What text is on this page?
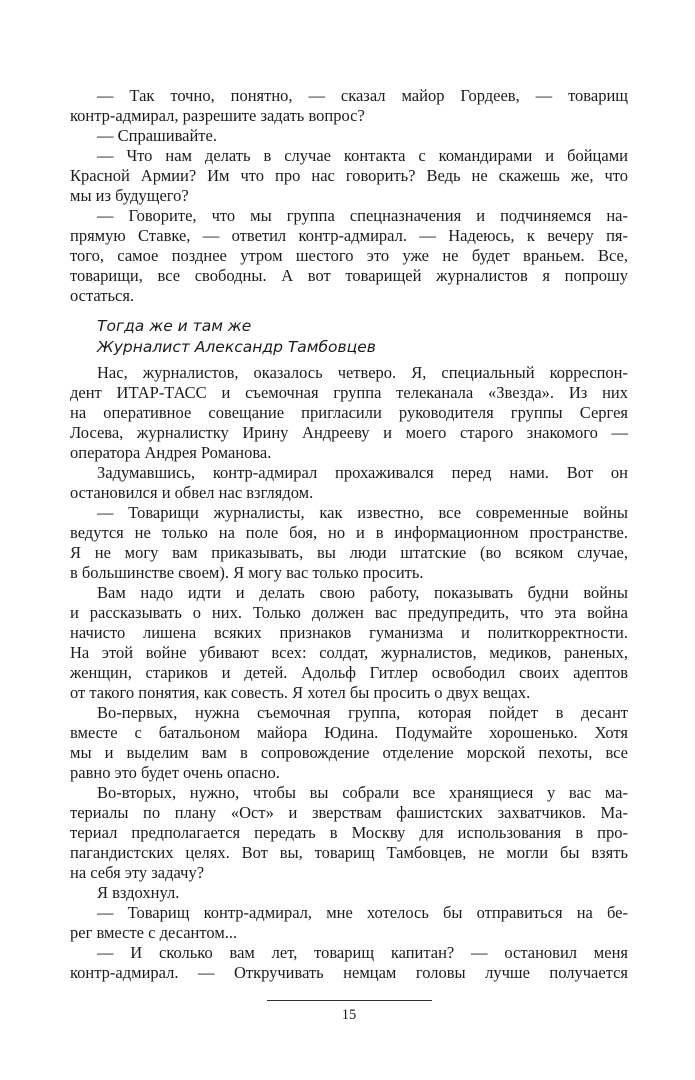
— Так точно, понятно, — сказал майор Гордеев, — товарищ
контр-адмирал, разрешите задать вопрос?
— Спрашивайте.
— Что нам делать в случае контакта с командирами и бойцами
Красной Армии? Им что про нас говорить? Ведь не скажешь же, что
мы из будущего?
— Говорите, что мы группа спецназначения и подчиняемся на-
прямую Ставке, — ответил контр-адмирал. — Надеюсь, к вечеру пя-
того, самое позднее утром шестого это уже не будет враньем. Все,
товарищи, все свободны. А вот товарищей журналистов я попрошу
остаться.
Тогда же и там же
Журналист Александр Тамбовцев
Нас, журналистов, оказалось четверо. Я, специальный корреспон-
дент ИТАР-ТАСС и съемочная группа телеканала «Звезда». Из них
на оперативное совещание пригласили руководителя группы Сергея
Лосева, журналистку Ирину Андрееву и моего старого знакомого —
оператора Андрея Романова.
Задумавшись, контр-адмирал прохаживался перед нами. Вот он
остановился и обвел нас взглядом.
— Товарищи журналисты, как известно, все современные войны
ведутся не только на поле боя, но и в информационном пространстве.
Я не могу вам приказывать, вы люди штатские (во всяком случае,
в большинстве своем). Я могу вас только просить.
Вам надо идти и делать свою работу, показывать будни войны
и рассказывать о них. Только должен вас предупредить, что эта война
начисто лишена всяких признаков гуманизма и политкорректности.
На этой войне убивают всех: солдат, журналистов, медиков, раненых,
женщин, стариков и детей. Адольф Гитлер освободил своих адептов
от такого понятия, как совесть. Я хотел бы просить о двух вещах.
Во-первых, нужна съемочная группа, которая пойдет в десант
вместе с батальоном майора Юдина. Подумайте хорошенько. Хотя
мы и выделим вам в сопровождение отделение морской пехоты, все
равно это будет очень опасно.
Во-вторых, нужно, чтобы вы собрали все хранящиеся у вас ма-
териалы по плану «Ост» и зверствам фашистских захватчиков. Ма-
териал предполагается передать в Москву для использования в про-
пагандистских целях. Вот вы, товарищ Тамбовцев, не могли бы взять
на себя эту задачу?
Я вздохнул.
— Товарищ контр-адмирал, мне хотелось бы отправиться на бе-
рег вместе с десантом...
— И сколько вам лет, товарищ капитан? — остановил меня
контр-адмирал. — Откручивать немцам головы лучше получается
15
